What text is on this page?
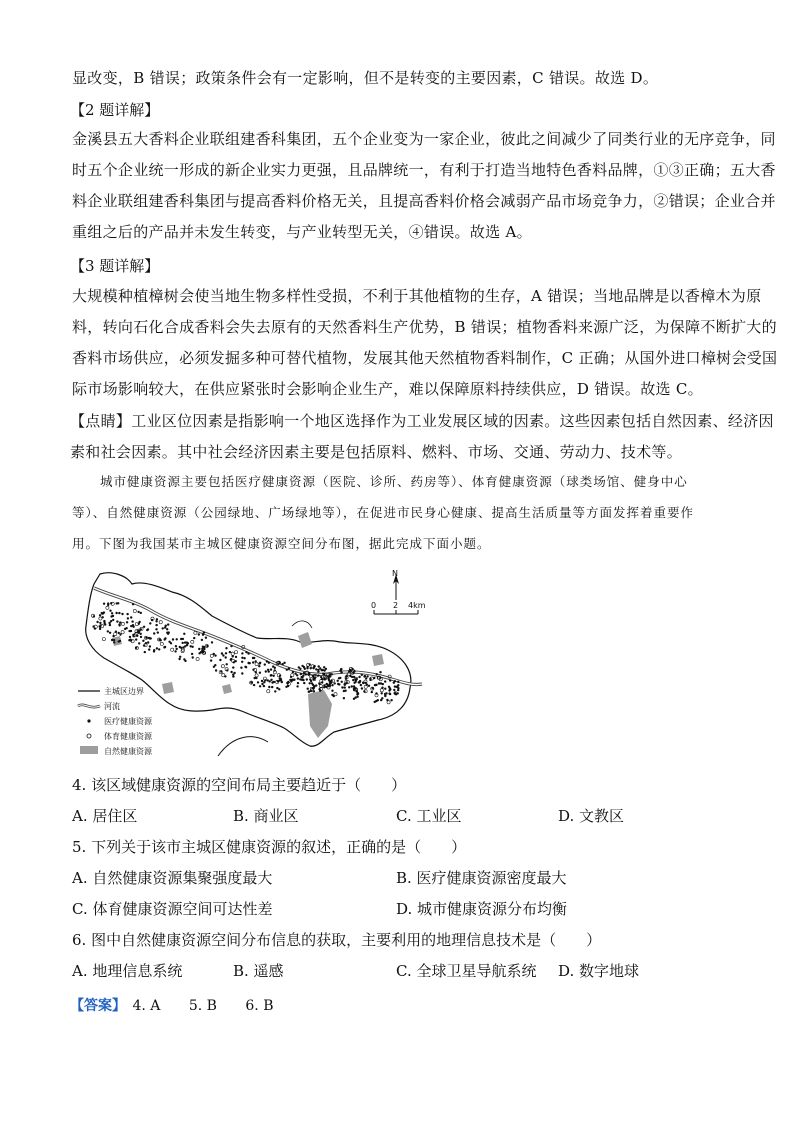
显改变，B 错误；政策条件会有一定影响，但不是转变的主要因素，C 错误。故选 D。
【2 题详解】
金溪县五大香料企业联组建香科集团，五个企业变为一家企业，彼此之间减少了同类行业的无序竞争，同
时五个企业统一形成的新企业实力更强，且品牌统一，有利于打造当地特色香料品牌，①③正确；五大香
料企业联组建香科集团与提高香料价格无关，且提高香料价格会减弱产品市场竞争力，②错误；企业合并
重组之后的产品并未发生转变，与产业转型无关，④错误。故选 A。
【3 题详解】
大规模种植樟树会使当地生物多样性受损，不利于其他植物的生存，A 错误；当地品牌是以香樟木为原
料，转向石化合成香料会失去原有的天然香料生产优势，B 错误；植物香料来源广泛，为保障不断扩大的
香料市场供应，必须发掘多种可替代植物，发展其他天然植物香料制作，C 正确；从国外进口樟树会受国
际市场影响较大，在供应紧张时会影响企业生产，难以保障原料持续供应，D 错误。故选 C。
【点睛】工业区位因素是指影响一个地区选择作为工业发展区域的因素。这些因素包括自然因素、经济因
素和社会因素。其中社会经济因素主要是包括原料、燃料、市场、交通、劳动力、技术等。
城市健康资源主要包括医疗健康资源（医院、诊所、药房等）、体育健康资源（球类场馆、健身中心
等）、自然健康资源（公园绿地、广场绿地等），在促进市民身心健康、提高生活质量等方面发挥着重要作
用。下图为我国某市主城区健康资源空间分布图，据此完成下面小题。
N
0 2 4km
主城区边界
河流
医疗健康资源
体育健康资源
自然健康资源
4. 该区域健康资源的空间布局主要趋近于（　　）
A. 居住区	B. 商业区	C. 工业区	D. 文教区
5. 下列关于该市主城区健康资源的叙述，正确的是（　　）
A. 自然健康资源集聚强度最大	B. 医疗健康资源密度最大
C. 体育健康资源空间可达性差	D. 城市健康资源分布均衡
6. 图中自然健康资源空间分布信息的获取，主要利用的地理信息技术是（　　）
A. 地理信息系统	B. 遥感	C. 全球卫星导航系统 D. 数字地球
【答案】 4. A 5. B 6. B
